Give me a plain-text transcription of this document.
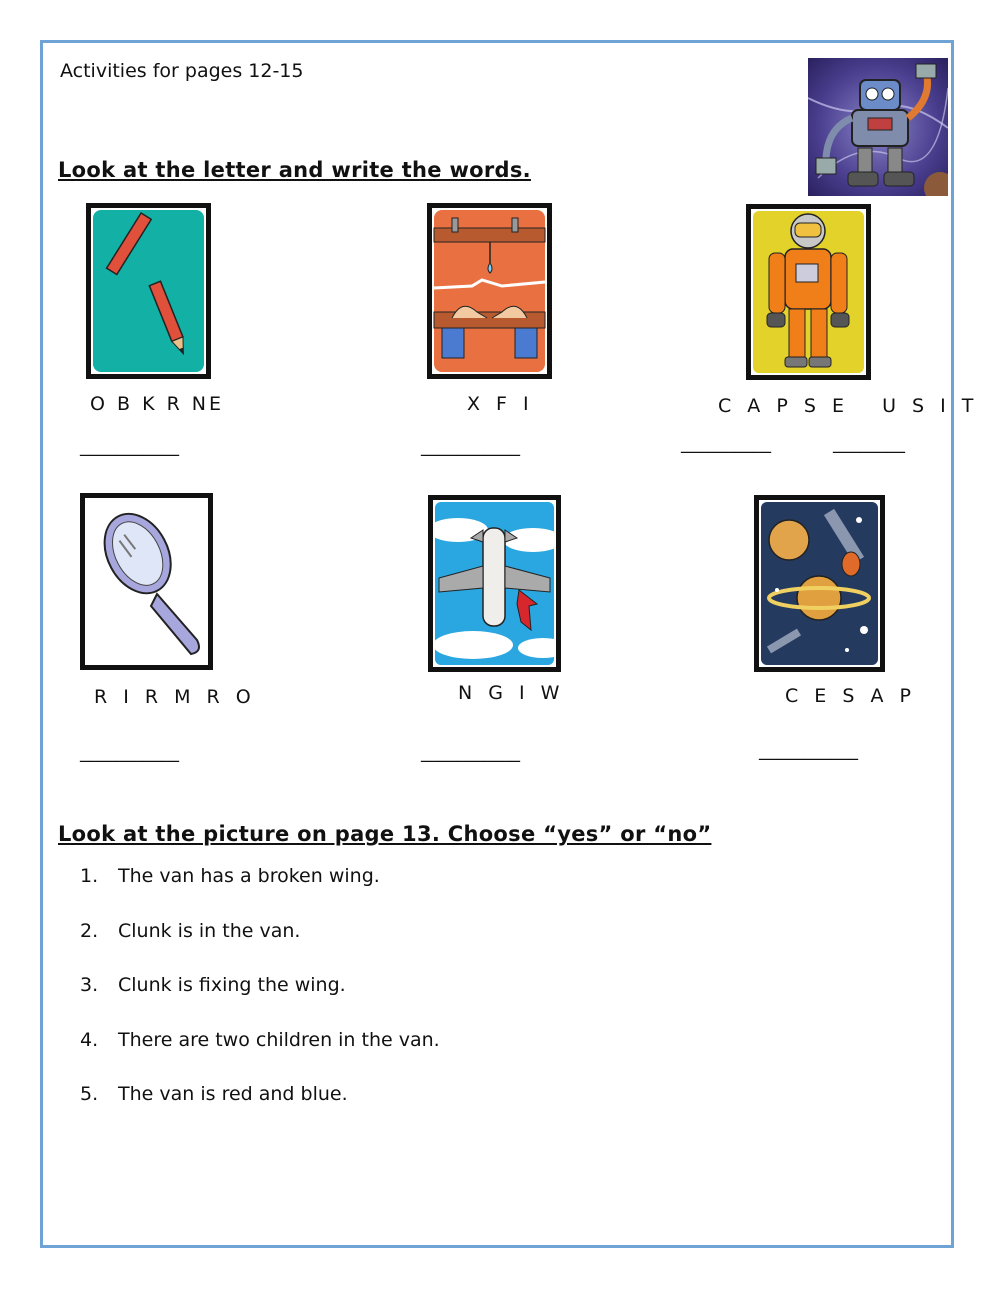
Activities for pages 12-15
Look at the letter and write the words.
O B K R NE
___________
X F I
___________
C A P S E   U S I T
__________	________
R I R M R O
___________
N G I W
___________
C E S A P
___________
Look at the picture on page 13. Choose “yes” or “no”
1.	The van has a broken wing.
2.	Clunk is in the van.
3.	Clunk is fixing the wing.
4.	There are two children in the van.
5.	The van is red and blue.
